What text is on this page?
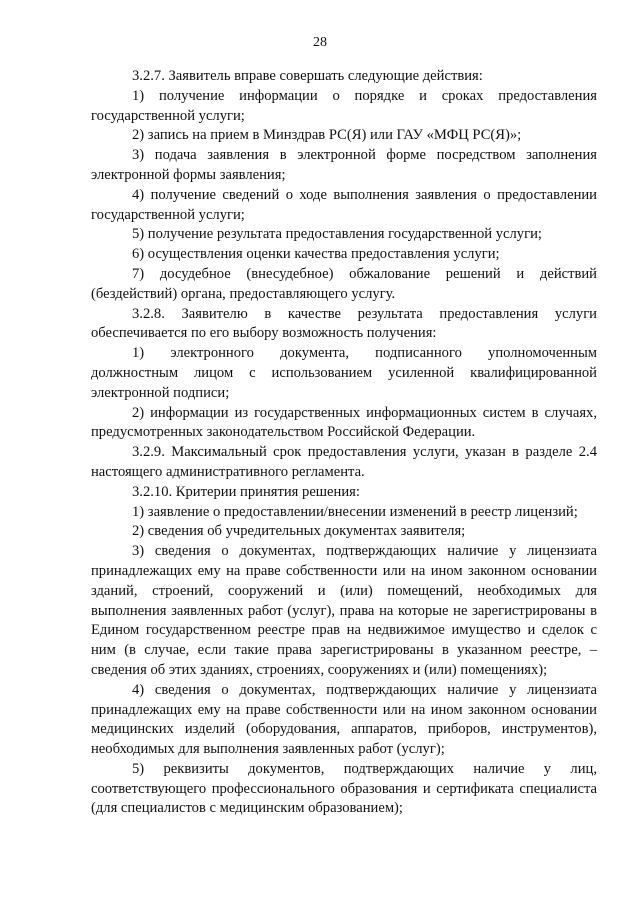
28

3.2.7. Заявитель вправе совершать следующие действия:

1) получение информации о порядке и сроках предоставления государственной услуги;

2) запись на прием в Минздрав РС(Я) или ГАУ «МФЦ РС(Я)»;

3) подача заявления в электронной форме посредством заполнения электронной формы заявления;

4) получение сведений о ходе выполнения заявления о предоставлении государственной услуги;

5) получение результата предоставления государственной услуги;

6) осуществления оценки качества предоставления услуги;

7) досудебное (внесудебное) обжалование решений и действий (бездействий) органа, предоставляющего услугу.

3.2.8. Заявителю в качестве результата предоставления услуги обеспечивается по его выбору возможность получения:

1) электронного документа, подписанного уполномоченным должностным лицом с использованием усиленной квалифицированной электронной подписи;

2) информации из государственных информационных систем в случаях, предусмотренных законодательством Российской Федерации.

3.2.9. Максимальный срок предоставления услуги, указан в разделе 2.4 настоящего административного регламента.

3.2.10. Критерии принятия решения:

1) заявление о предоставлении/внесении изменений в реестр лицензий;

2) сведения об учредительных документах заявителя;

3) сведения о документах, подтверждающих наличие у лицензиата принадлежащих ему на праве собственности или на ином законном основании зданий, строений, сооружений и (или) помещений, необходимых для выполнения заявленных работ (услуг), права на которые не зарегистрированы в Едином государственном реестре прав на недвижимое имущество и сделок с ним (в случае, если такие права зарегистрированы в указанном реестре, – сведения об этих зданиях, строениях, сооружениях и (или) помещениях);

4) сведения о документах, подтверждающих наличие у лицензиата принадлежащих ему на праве собственности или на ином законном основании медицинских изделий (оборудования, аппаратов, приборов, инструментов), необходимых для выполнения заявленных работ (услуг);

5) реквизиты документов, подтверждающих наличие у лиц, соответствующего профессионального образования и сертификата специалиста (для специалистов с медицинским образованием);
